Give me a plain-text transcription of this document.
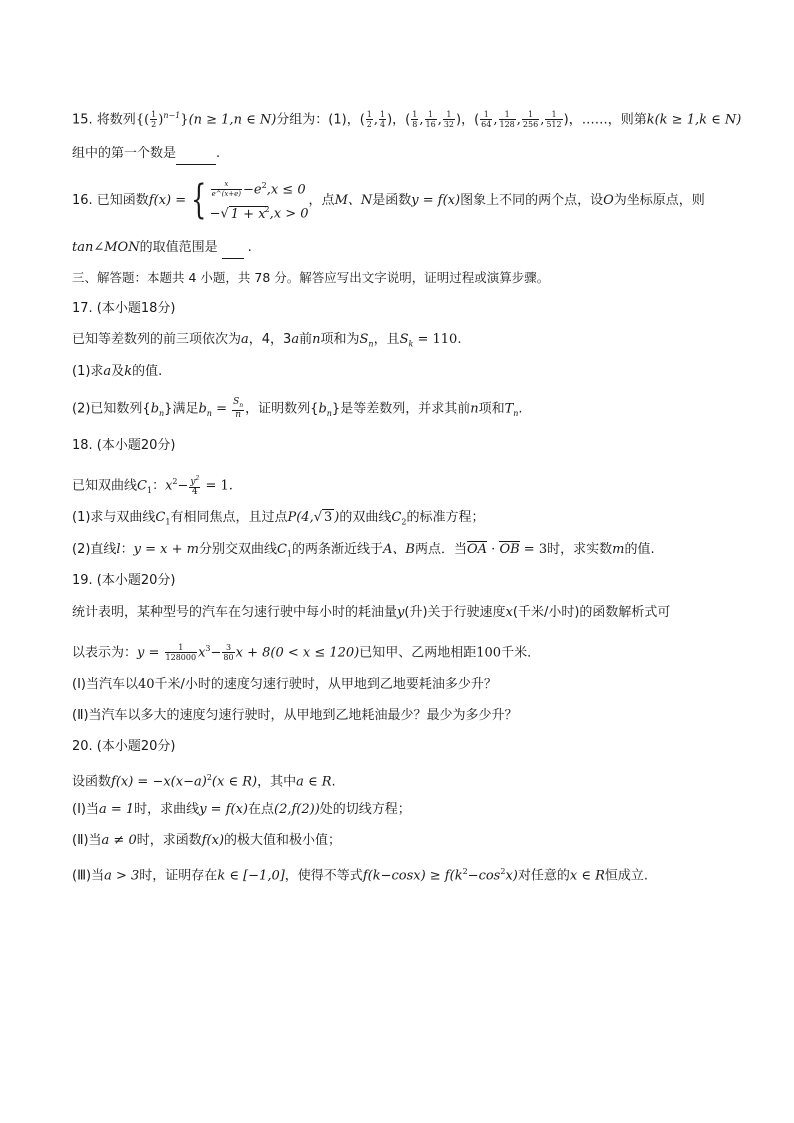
15. 将数列{( $\frac{1}{2} )^{n-1}\}(n \ge 1,n$ ∈ N)分组为：(1)，( $\frac{1}{2}$ , $\frac{1}{4}$ )，( $\frac{1}{8}$ , $\frac{1}{16}$ , $\frac{1}{32}$ )，( $\frac{1}{64}$ , $\frac{1}{128}$ , $\frac{1}{256}$ , $\frac{1}{512}$ )，……，则第k(k ≥ 1,k ∈ N)
组中的第一个数是	.
16. 已知函数f(x) = { $\frac{x}{e\^{}(x+e)} -e^2,x \le 0$
−√ $1 + x^2,x > 0$
，点M、N是函数y = f(x)图象上不同的两个点，设O为坐标原点，则
tan∠MON的取值范围是 .
三、解答题：本题共 4 小题，共 78 分。解答应写出文字说明，证明过程或演算步骤。
17. (本小题18分)
已知等差数列的前三项依次为a，4，3a前n项和为$S_n$，且$S_k = 110$.
(1)求a及k的值.
(2)已知数列$\{b_n\}$满足$b_n = \frac{S_n}{n}$ ，证明数列$\{b_n\}$是等差数列，并求其前n项和$T_n$.
18. (本小题20分)
已知双曲线$C_1$：$x^2- \frac{y^2}{4} = 1$.
(1)求与双曲线$C_1$有相同焦点，且过点P(4,√ 3 )的双曲线$C_2$的标准方程；
(2)直线l：y = x + m分别交双曲线$C_1$的两条渐近线于A、B两点．当OA · OB = 3时，求实数m的值.
19. (本小题20分)
统计表明，某种型号的汽车在匀速行驶中每小时的耗油量y(升)关于行驶速度x(千米/小时)的函数解析式可
以表示为：$y = \frac{1}{128000} x^3- \frac{3}{80}$ x + 8(0 < x ≤ 120)已知甲、乙两地相距100千米．
(Ⅰ)当汽车以40千米/小时的速度匀速行驶时，从甲地到乙地要耗油多少升？
(Ⅱ)当汽车以多大的速度匀速行驶时，从甲地到乙地耗油最少？最少为多少升？
20. (本小题20分)
设函数$f(x) = -x(x-a)^2(x$ ∈ R)，其中a ∈ R.
(Ⅰ)当a = 1时，求曲线y = f(x)在点(2,f(2))处的切线方程；
(Ⅱ)当a ≠ 0时，求函数f(x)的极大值和极小值；
(Ⅲ)当a > 3时，证明存在k ∈ [−1,0]，使得不等式$f(k-\cos x) \ge f(k^2-\cos^2x)$对任意的x ∈ R恒成立.
